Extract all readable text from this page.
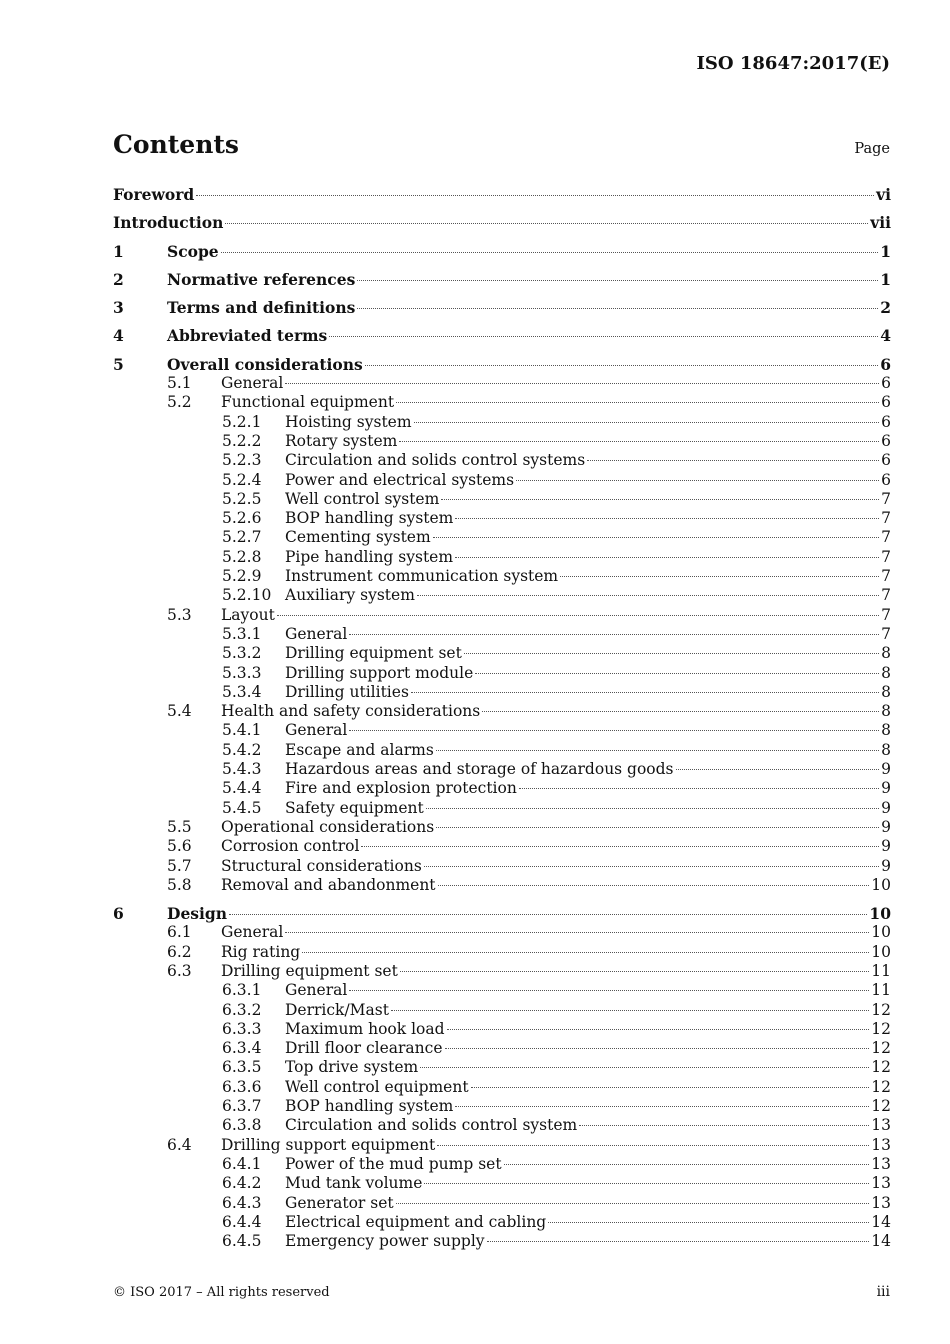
ISO 18647:2017(E)
Contents	Page
Foreword	vi
Introduction	vii
1	Scope	1
2	Normative references	1
3	Terms and definitions	2
4	Abbreviated terms	4
5	Overall considerations	6
5.1	General	6
5.2	Functional equipment	6
5.2.1	Hoisting system	6
5.2.2	Rotary system	6
5.2.3	Circulation and solids control systems	6
5.2.4	Power and electrical systems	6
5.2.5	Well control system	7
5.2.6	BOP handling system	7
5.2.7	Cementing system	7
5.2.8	Pipe handling system	7
5.2.9	Instrument communication system	7
5.2.10 Auxiliary system	7
5.3	Layout	7
5.3.1	General	7
5.3.2	Drilling equipment set	8
5.3.3	Drilling support module	8
5.3.4	Drilling utilities	8
5.4	Health and safety considerations	8
5.4.1	General	8
5.4.2	Escape and alarms	8
5.4.3	Hazardous areas and storage of hazardous goods	9
5.4.4	Fire and explosion protection	9
5.4.5	Safety equipment	9
5.5	Operational considerations	9
5.6	Corrosion control	9
5.7	Structural considerations	9
5.8	Removal and abandonment	10
6	Design	10
6.1	General	10
6.2	Rig rating	10
6.3	Drilling equipment set	11
6.3.1	General	11
6.3.2	Derrick/Mast	12
6.3.3	Maximum hook load	12
6.3.4	Drill floor clearance	12
6.3.5	Top drive system	12
6.3.6	Well control equipment	12
6.3.7	BOP handling system	12
6.3.8	Circulation and solids control system	13
6.4	Drilling support equipment	13
6.4.1	Power of the mud pump set	13
6.4.2	Mud tank volume	13
6.4.3	Generator set	13
6.4.4	Electrical equipment and cabling	14
6.4.5	Emergency power supply	14
© ISO 2017 – All rights reserved	iii
